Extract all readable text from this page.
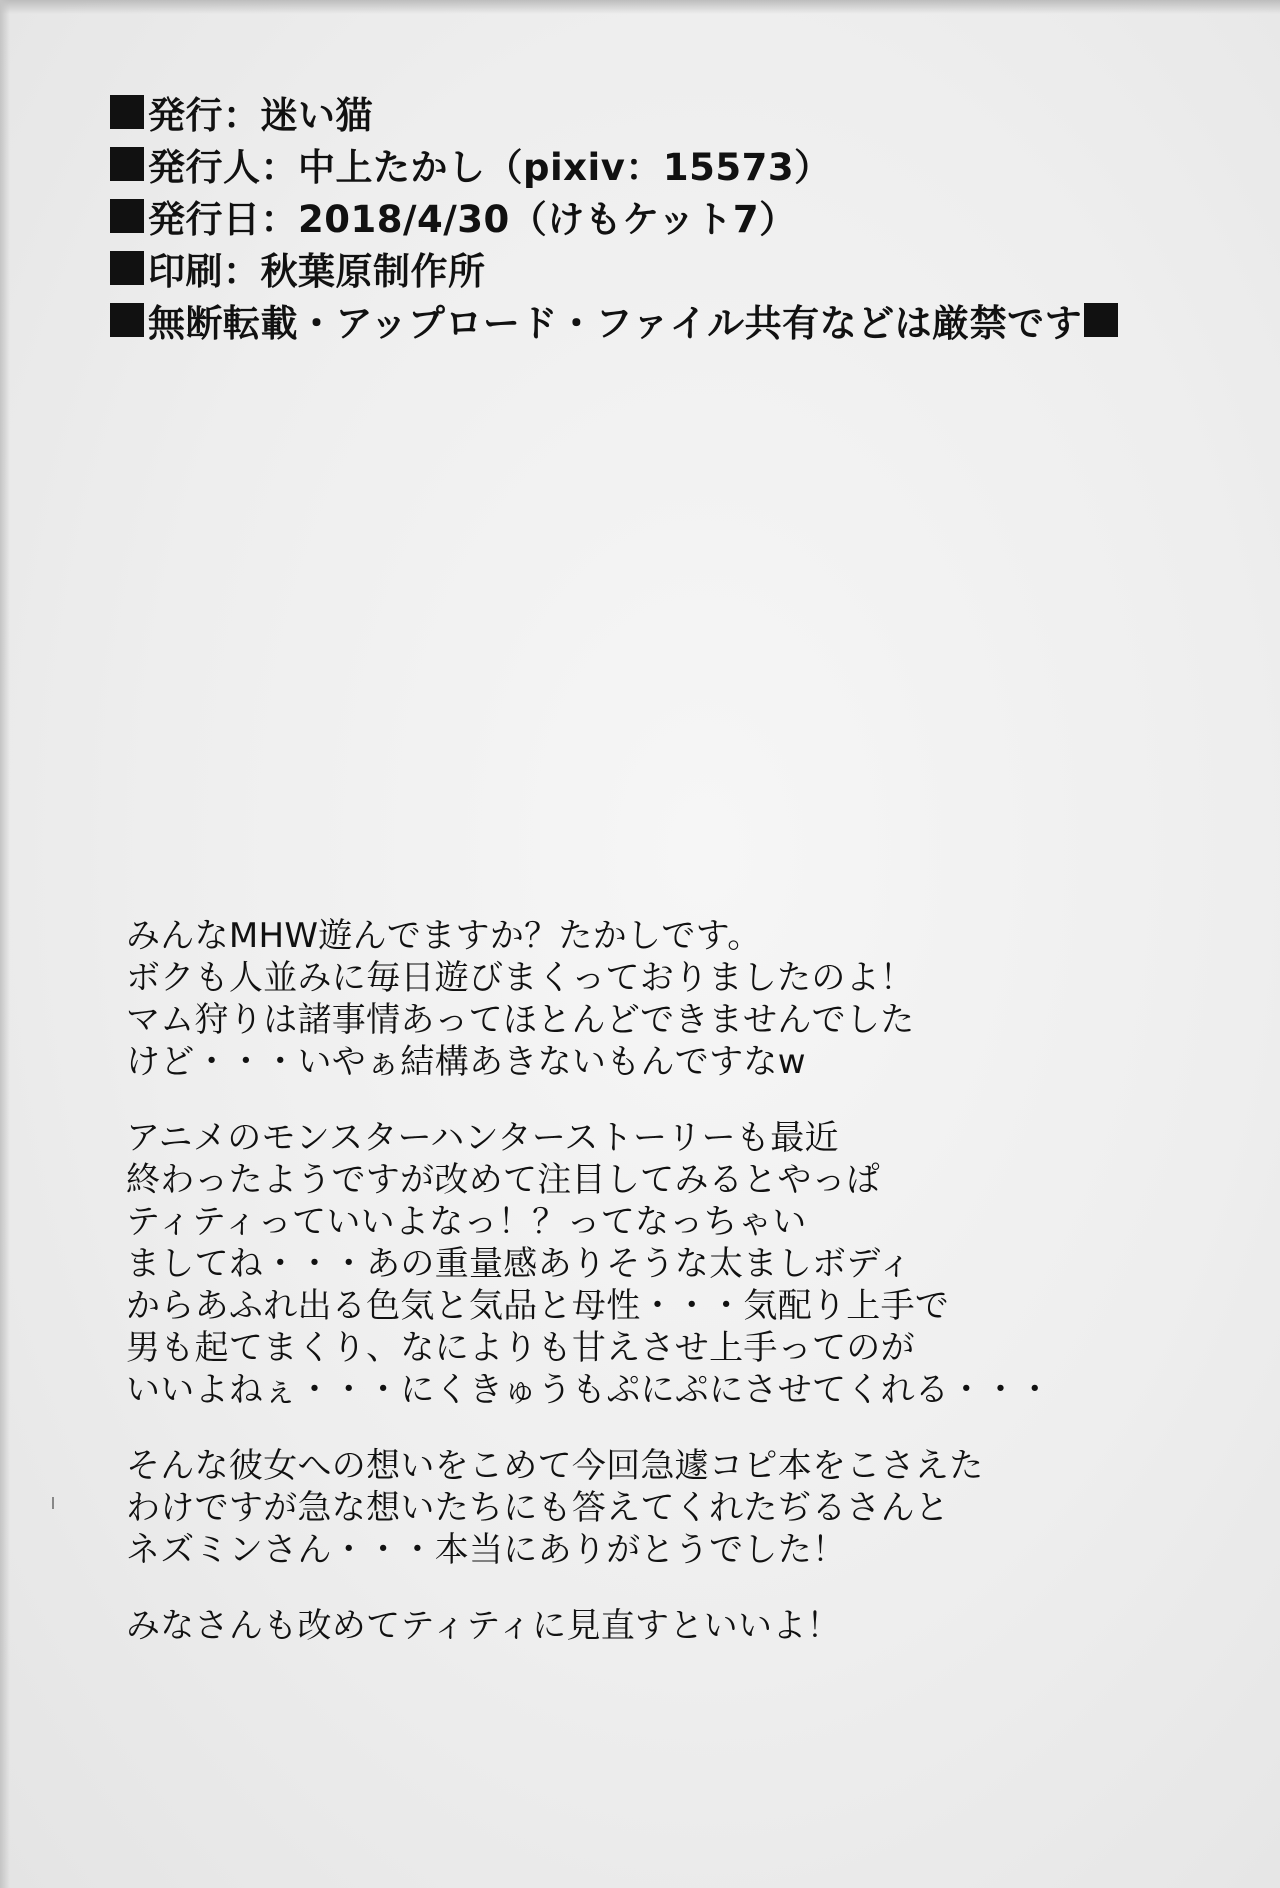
発行：迷い猫
発行人：中上たかし（pixiv：15573）
発行日：2018/4/30（けもケット7）
印刷：秋葉原制作所
無断転載・アップロード・ファイル共有などは厳禁です
みんなMHW遊んでますか？たかしです。
ボクも人並みに毎日遊びまくっておりましたのよ！
マム狩りは諸事情あってほとんどできませんでした
けど・・・いやぁ結構あきないもんですなw
アニメのモンスターハンターストーリーも最近
終わったようですが改めて注目してみるとやっぱ
ティティっていいよなっ！？ってなっちゃい
ましてね・・・あの重量感ありそうな太ましボディ
からあふれ出る色気と気品と母性・・・気配り上手で
男も起てまくり、なによりも甘えさせ上手ってのが
いいよねぇ・・・にくきゅうもぷにぷにさせてくれる・・・
そんな彼女への想いをこめて今回急遽コピ本をこさえた
わけですが急な想いたちにも答えてくれたぢるさんと
ネズミンさん・・・本当にありがとうでした！
みなさんも改めてティティに見直すといいよ！
